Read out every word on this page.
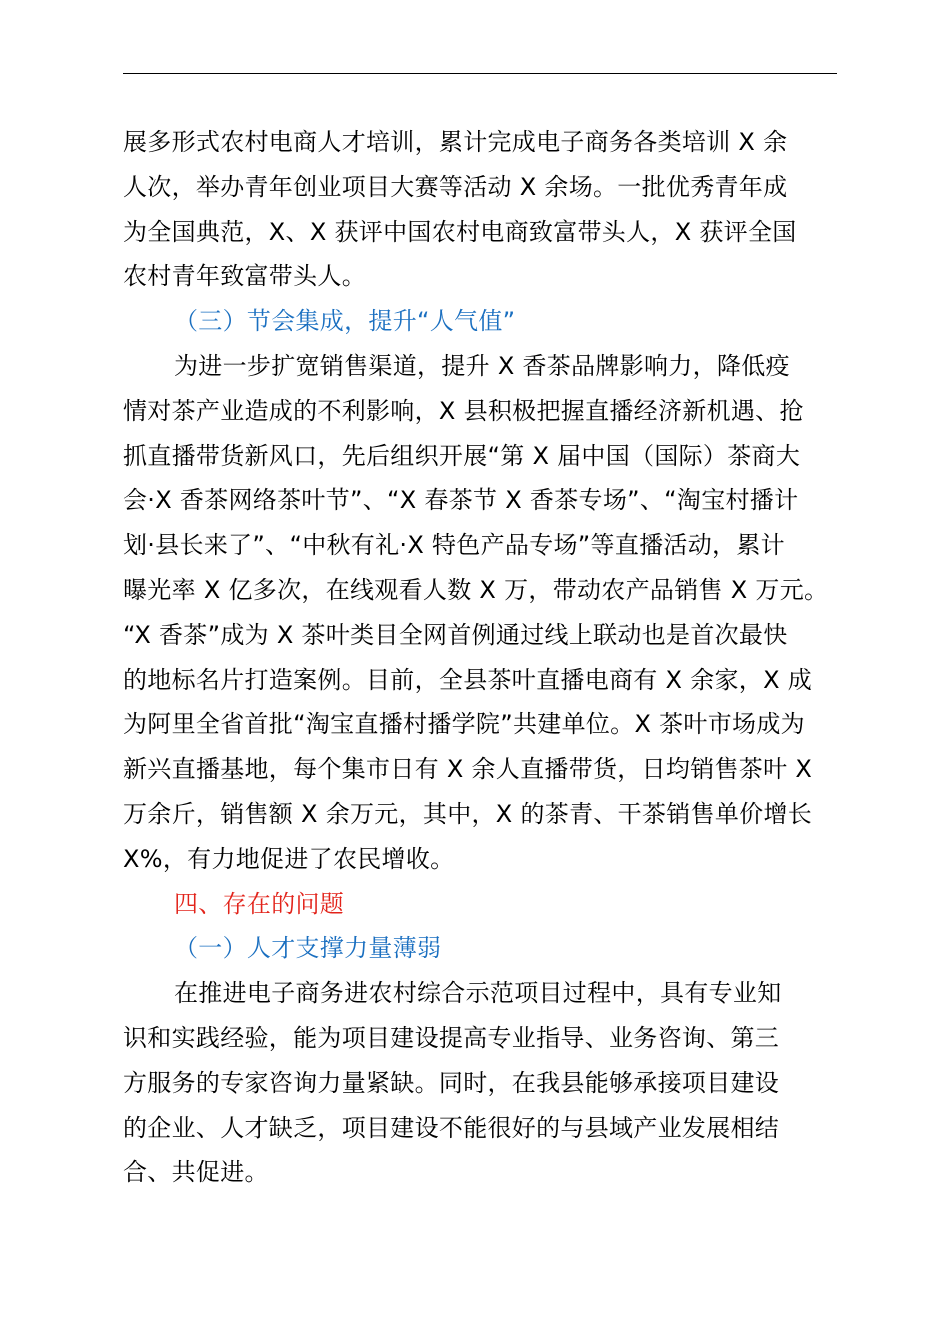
展多形式农村电商人才培训，累计完成电子商务各类培训 X 余
人次，举办青年创业项目大赛等活动 X 余场。一批优秀青年成
为全国典范，X、X 获评中国农村电商致富带头人，X 获评全国
农村青年致富带头人。
（三）节会集成，提升“人气值”
为进一步扩宽销售渠道，提升 X 香茶品牌影响力，降低疫
情对茶产业造成的不利影响，X 县积极把握直播经济新机遇、抢
抓直播带货新风口，先后组织开展“第 X 届中国（国际）茶商大
会·X 香茶网络茶叶节”、“X 春茶节 X 香茶专场”、“淘宝村播计
划·县长来了”、“中秋有礼·X 特色产品专场”等直播活动，累计
曝光率 X 亿多次，在线观看人数 X 万，带动农产品销售 X 万元。
“X 香茶”成为 X 茶叶类目全网首例通过线上联动也是首次最快
的地标名片打造案例。目前，全县茶叶直播电商有 X 余家，X 成
为阿里全省首批“淘宝直播村播学院”共建单位。X 茶叶市场成为
新兴直播基地，每个集市日有 X 余人直播带货，日均销售茶叶 X
万余斤，销售额 X 余万元，其中，X 的茶青、干茶销售单价增长
X%，有力地促进了农民增收。
四、存在的问题
（一）人才支撑力量薄弱
在推进电子商务进农村综合示范项目过程中，具有专业知
识和实践经验，能为项目建设提高专业指导、业务咨询、第三
方服务的专家咨询力量紧缺。同时，在我县能够承接项目建设
的企业、人才缺乏，项目建设不能很好的与县域产业发展相结
合、共促进。
